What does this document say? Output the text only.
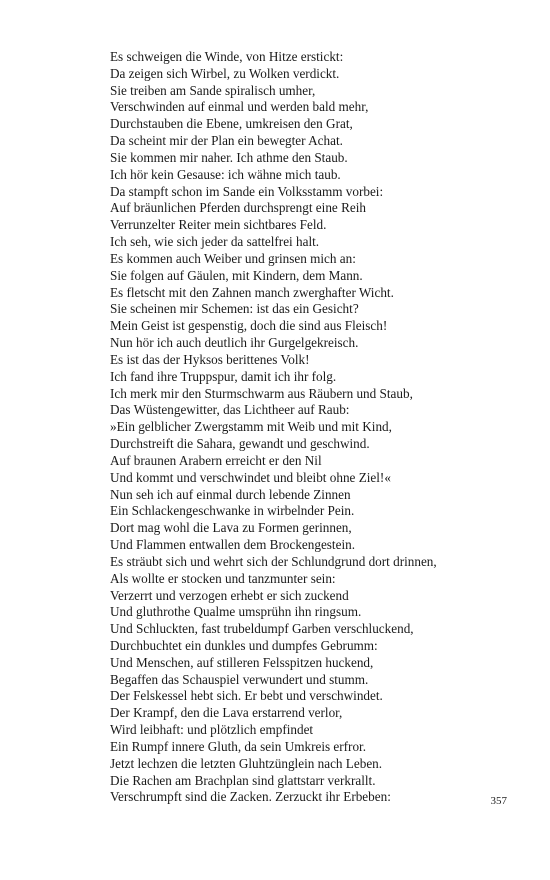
Es schweigen die Winde, von Hitze erstickt:
Da zeigen sich Wirbel, zu Wolken verdickt.
Sie treiben am Sande spiralisch umher,
Verschwinden auf einmal und werden bald mehr,
Durchstauben die Ebene, umkreisen den Grat,
Da scheint mir der Plan ein bewegter Achat.
Sie kommen mir naher. Ich athme den Staub.
Ich hör kein Gesause: ich wähne mich taub.
Da stampft schon im Sande ein Volksstamm vorbei:
Auf bräunlichen Pferden durchsprengt eine Reih
Verrunzelter Reiter mein sichtbares Feld.
Ich seh, wie sich jeder da sattelfrei halt.
Es kommen auch Weiber und grinsen mich an:
Sie folgen auf Gäulen, mit Kindern, dem Mann.
Es fletscht mit den Zahnen manch zwerghafter Wicht.
Sie scheinen mir Schemen: ist das ein Gesicht?
Mein Geist ist gespenstig, doch die sind aus Fleisch!
Nun hör ich auch deutlich ihr Gurgelgekreisch.
Es ist das der Hyksos berittenes Volk!
Ich fand ihre Truppspur, damit ich ihr folg.
Ich merk mir den Sturmschwarm aus Räubern und Staub,
Das Wüstengewitter, das Lichtheer auf Raub:
»Ein gelblicher Zwergstamm mit Weib und mit Kind,
Durchstreift die Sahara, gewandt und geschwind.
Auf braunen Arabern erreicht er den Nil
Und kommt und verschwindet und bleibt ohne Ziel!«
Nun seh ich auf einmal durch lebende Zinnen
Ein Schlackengeschwanke in wirbelnder Pein.
Dort mag wohl die Lava zu Formen gerinnen,
Und Flammen entwallen dem Brockengestein.
Es sträubt sich und wehrt sich der Schlundgrund dort drinnen,
Als wollte er stocken und tanzmunter sein:
Verzerrt und verzogen erhebt er sich zuckend
Und gluthrothe Qualme umsprühn ihn ringsum.
Und Schluckten, fast trubeldumpf Garben verschluckend,
Durchbuchtet ein dunkles und dumpfes Gebrumm:
Und Menschen, auf stilleren Felsspitzen huckend,
Begaffen das Schauspiel verwundert und stumm.
Der Felskessel hebt sich. Er bebt und verschwindet.
Der Krampf, den die Lava erstarrend verlor,
Wird leibhaft: und plötzlich empfindet
Ein Rumpf innere Gluth, da sein Umkreis erfror.
Jetzt lechzen die letzten Gluhtzünglein nach Leben.
Die Rachen am Brachplan sind glattstarr verkrallt.
Verschrumpft sind die Zacken. Zerzuckt ihr Erbeben:	357
